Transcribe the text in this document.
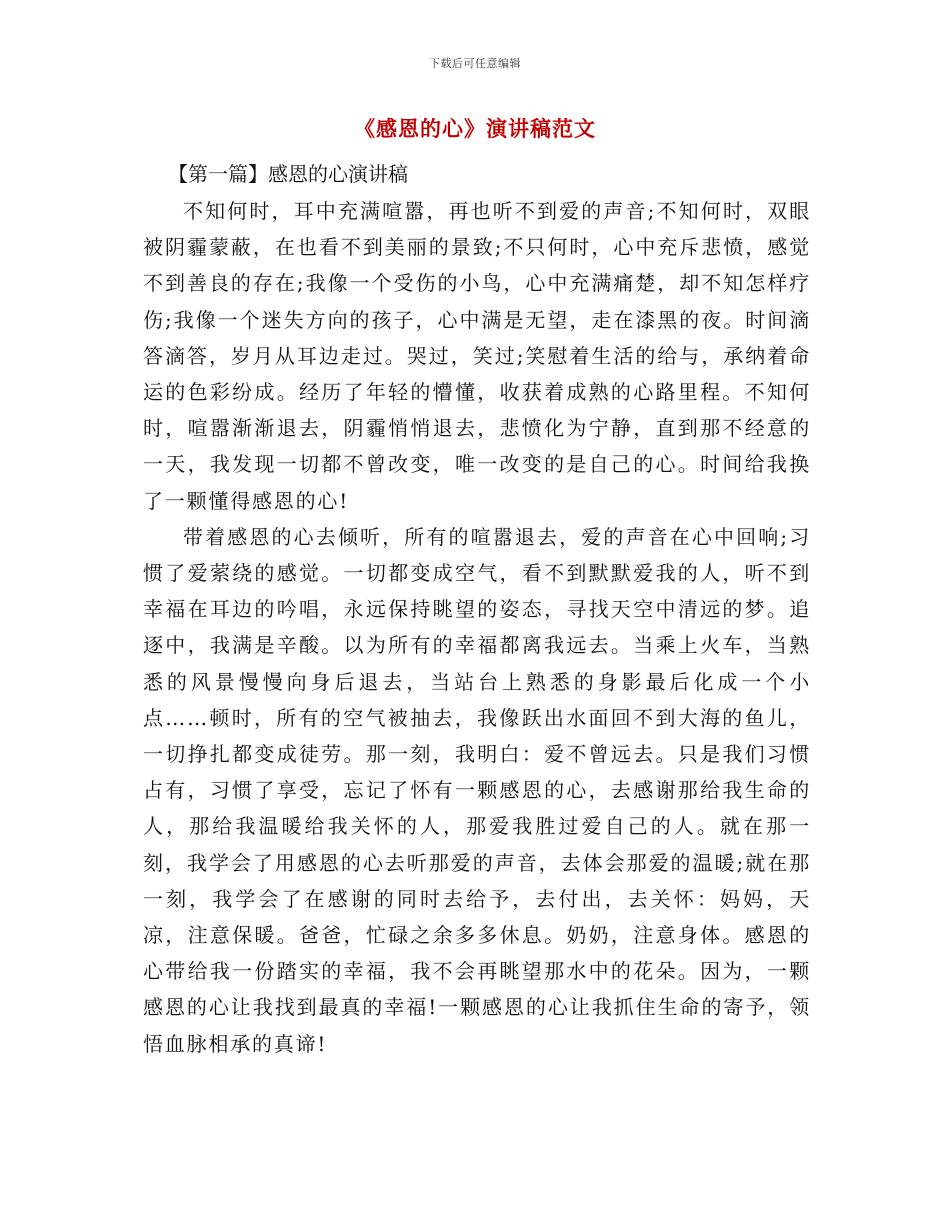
下载后可任意编辑
《感恩的心》演讲稿范文
【第一篇】感恩的心演讲稿

不知何时，耳中充满喧嚣，再也听不到爱的声音;不知何时，双眼被阴霾蒙蔽，在也看不到美丽的景致;不只何时，心中充斥悲愤，感觉不到善良的存在;我像一个受伤的小鸟，心中充满痛楚，却不知怎样疗伤;我像一个迷失方向的孩子，心中满是无望，走在漆黑的夜。时间滴答滴答，岁月从耳边走过。哭过，笑过;笑慰着生活的给与，承纳着命运的色彩纷成。经历了年轻的懵懂，收获着成熟的心路里程。不知何时，喧嚣渐渐退去，阴霾悄悄退去，悲愤化为宁静，直到那不经意的一天，我发现一切都不曾改变，唯一改变的是自己的心。时间给我换了一颗懂得感恩的心!

带着感恩的心去倾听，所有的喧嚣退去，爱的声音在心中回响;习惯了爱萦绕的感觉。一切都变成空气，看不到默默爱我的人，听不到幸福在耳边的吟唱，永远保持眺望的姿态，寻找天空中清远的梦。追逐中，我满是辛酸。以为所有的幸福都离我远去。当乘上火车，当熟悉的风景慢慢向身后退去，当站台上熟悉的身影最后化成一个小点……顿时，所有的空气被抽去，我像跃出水面回不到大海的鱼儿，一切挣扎都变成徒劳。那一刻，我明白：爱不曾远去。只是我们习惯占有，习惯了享受，忘记了怀有一颗感恩的心，去感谢那给我生命的人，那给我温暖给我关怀的人，那爱我胜过爱自己的人。就在那一刻，我学会了用感恩的心去听那爱的声音，去体会那爱的温暖;就在那一刻，我学会了在感谢的同时去给予，去付出，去关怀：妈妈，天凉，注意保暖。爸爸，忙碌之余多多休息。奶奶，注意身体。感恩的心带给我一份踏实的幸福，我不会再眺望那水中的花朵。因为，一颗感恩的心让我找到最真的幸福!一颗感恩的心让我抓住生命的寄予，领悟血脉相承的真谛!
